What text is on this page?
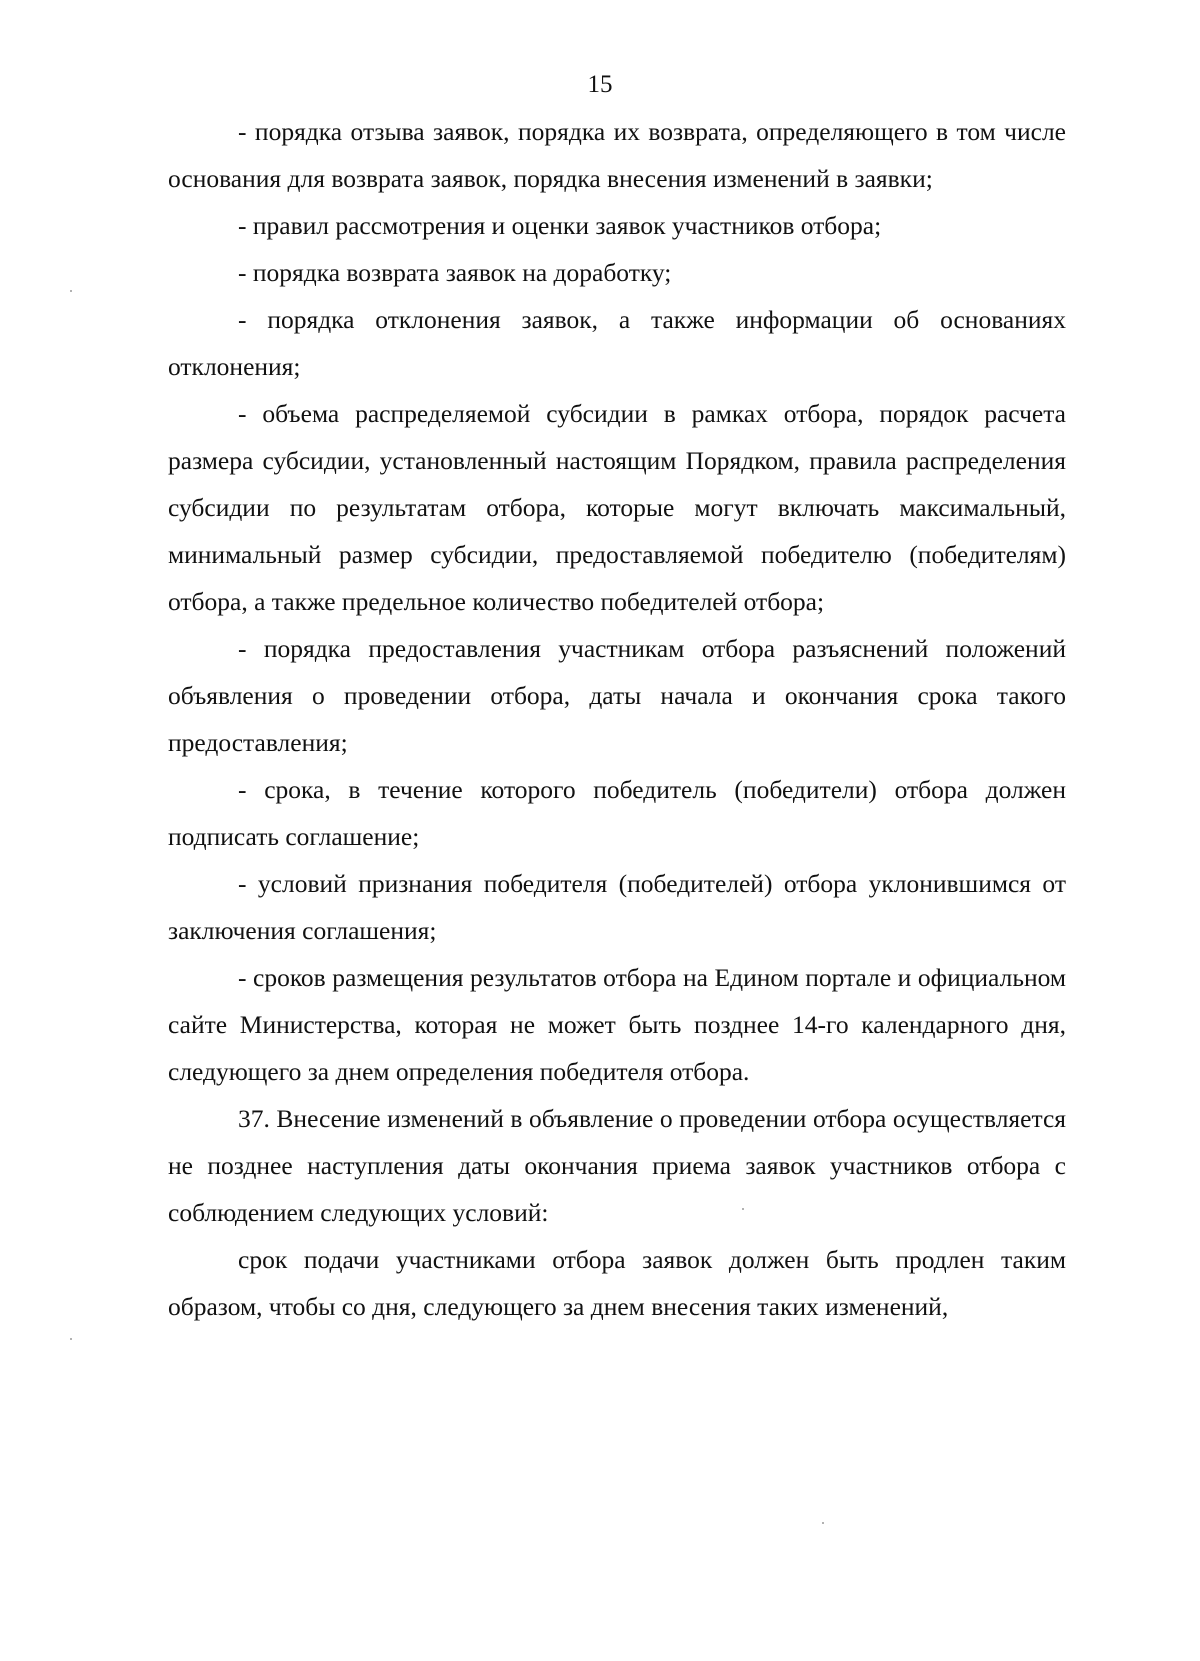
15

- порядка отзыва заявок, порядка их возврата, определяющего в том числе основания для возврата заявок, порядка внесения изменений в заявки;

- правил рассмотрения и оценки заявок участников отбора;

- порядка возврата заявок на доработку;

- порядка отклонения заявок, а также информации об основаниях отклонения;

- объема распределяемой субсидии в рамках отбора, порядок расчета размера субсидии, установленный настоящим Порядком, правила распределения субсидии по результатам отбора, которые могут включать максимальный, минимальный размер субсидии, предоставляемой победителю (победителям) отбора, а также предельное количество победителей отбора;

- порядка предоставления участникам отбора разъяснений положений объявления о проведении отбора, даты начала и окончания срока такого предоставления;

- срока, в течение которого победитель (победители) отбора должен подписать соглашение;

- условий признания победителя (победителей) отбора уклонившимся от заключения соглашения;

- сроков размещения результатов отбора на Едином портале и официальном сайте Министерства, которая не может быть позднее 14-го календарного дня, следующего за днем определения победителя отбора.

37. Внесение изменений в объявление о проведении отбора осуществляется не позднее наступления даты окончания приема заявок участников отбора с соблюдением следующих условий:

срок подачи участниками отбора заявок должен быть продлен таким образом, чтобы со дня, следующего за днем внесения таких изменений,
